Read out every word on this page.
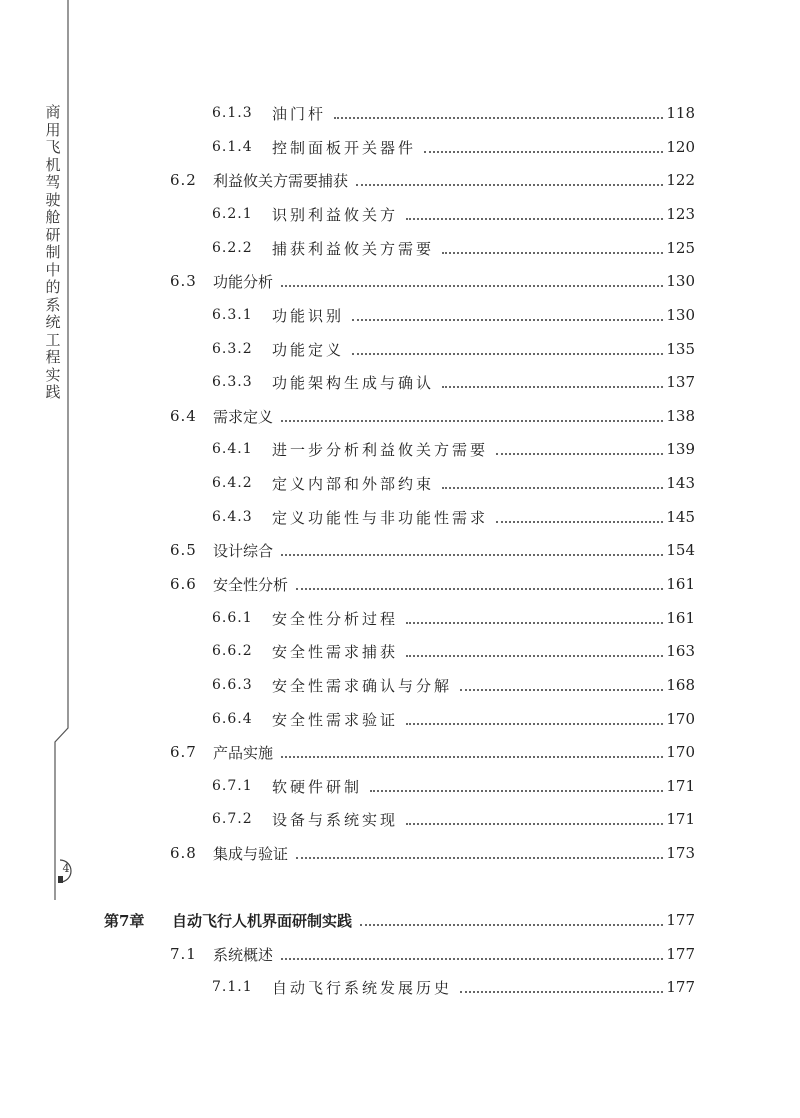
商用飞机驾驶舱研制中的系统工程实践
4
6.1.3 油门杆	118
6.1.4 控制面板开关器件	120
6.2 利益攸关方需要捕获	122
6.2.1 识别利益攸关方	123
6.2.2 捕获利益攸关方需要	125
6.3 功能分析	130
6.3.1 功能识别	130
6.3.2 功能定义	135
6.3.3 功能架构生成与确认	137
6.4 需求定义	138
6.4.1 进一步分析利益攸关方需要	139
6.4.2 定义内部和外部约束	143
6.4.3 定义功能性与非功能性需求	145
6.5 设计综合	154
6.6 安全性分析	161
6.6.1 安全性分析过程	161
6.6.2 安全性需求捕获	163
6.6.3 安全性需求确认与分解	168
6.6.4 安全性需求验证	170
6.7 产品实施	170
6.7.1 软硬件研制	171
6.7.2 设备与系统实现	171
6.8 集成与验证	173
第7章 自动飞行人机界面研制实践	177
7.1 系统概述	177
7.1.1 自动飞行系统发展历史	177
